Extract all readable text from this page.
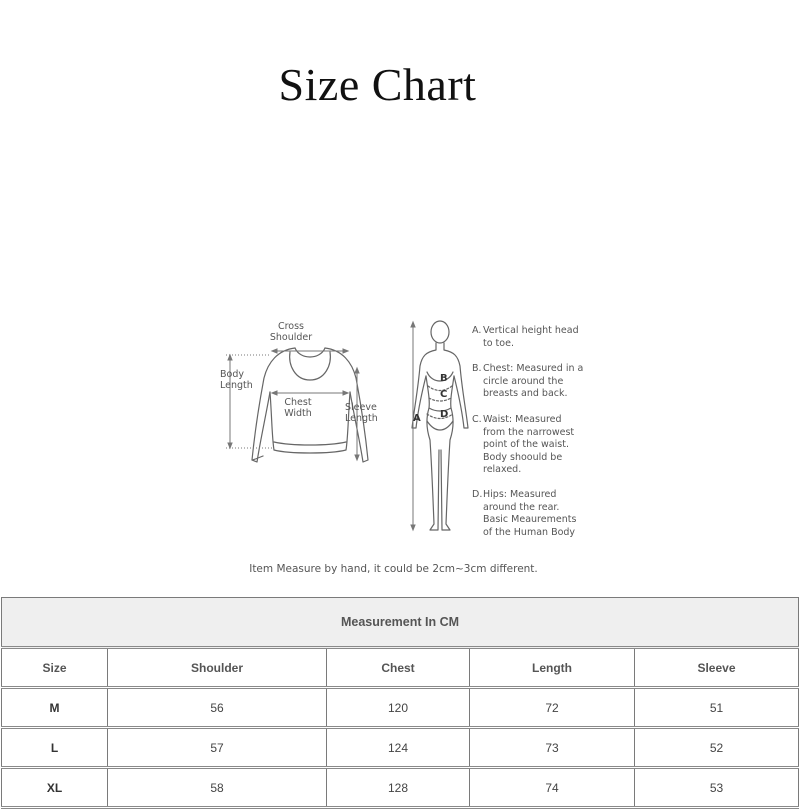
Size Chart
Cross
Shoulder
Body
Length
Chest
Width
Sleeve
Length	A
B
C
D
A. Vertical height head
to toe.
B.Chest: Measured in a
circle around the
breasts and back.
C.Waist: Measured
from the narrowest
point of the waist.
Body shoould be
relaxed.
D.Hips: Measured
around the rear.
Basic Meaurements
of the Human Body
Item Measure by hand, it could be 2cm~3cm different.
Measurement In CM				
Size	Shoulder	Chest	Length	Sleeve
M	56	120	72	51
L	57	124	73	52
XL	58	128	74	53
